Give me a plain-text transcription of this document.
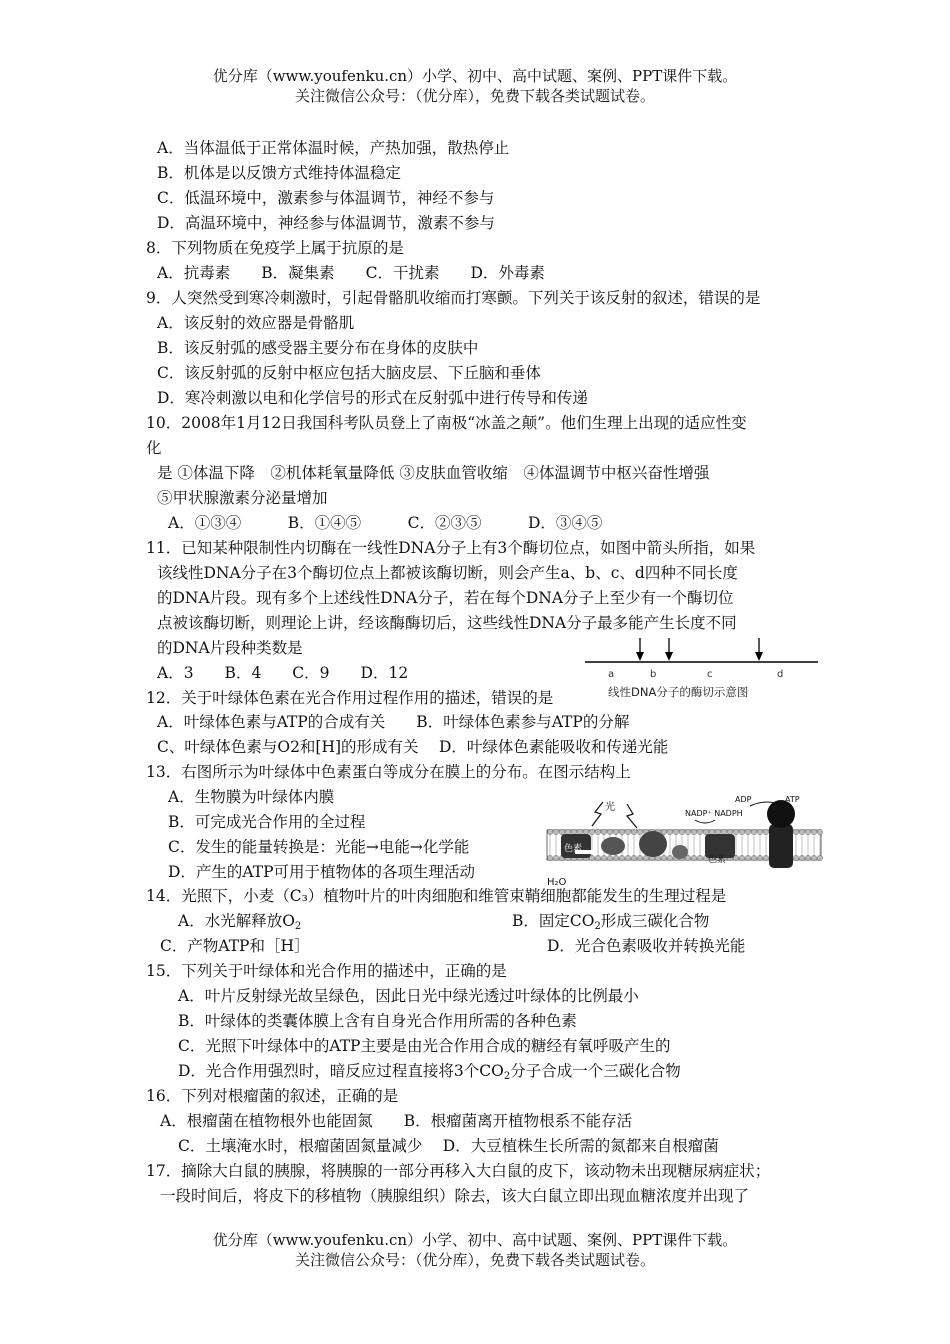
优分库（www.youfenku.cn）小学、初中、高中试题、案例、PPT课件下载。
关注微信公众号：（优分库），免费下载各类试题试卷。
A．当体温低于正常体温时候，产热加强，散热停止
B．机体是以反馈方式维持体温稳定
C．低温环境中，激素参与体温调节，神经不参与
D．高温环境中，神经参与体温调节，激素不参与
8．下列物质在免疫学上属于抗原的是
A．抗毒素　　B．凝集素　　C．干扰素　　D．外毒素
9．人突然受到寒冷刺激时，引起骨骼肌收缩而打寒颤。下列关于该反射的叙述，错误的是
A．该反射的效应器是骨骼肌
B．该反射弧的感受器主要分布在身体的皮肤中
C．该反射弧的反射中枢应包括大脑皮层、下丘脑和垂体
D．寒冷刺激以电和化学信号的形式在反射弧中进行传导和传递
10．2008年1月12日我国科考队员登上了南极“冰盖之颠”。他们生理上出现的适应性变
化
是 ①体温下降　②机体耗氧量降低 ③皮肤血管收缩　④体温调节中枢兴奋性增强
⑤甲状腺激素分泌量增加
A．①③④　　　B．①④⑤　　　C．②③⑤　　　D．③④⑤
11．已知某种限制性内切酶在一线性DNA分子上有3个酶切位点，如图中箭头所指，如果
该线性DNA分子在3个酶切位点上都被该酶切断，则会产生a、b、c、d四种不同长度
的DNA片段。现有多个上述线性DNA分子，若在每个DNA分子上至少有一个酶切位
点被该酶切断，则理论上讲，经该酶酶切后，这些线性DNA分子最多能产生长度不同
的DNA片段种类数是
A．3　　B．4　　C．9　　D．12	a	b	c	d
线性DNA分子的酶切示意图
12．关于叶绿体色素在光合作用过程作用的描述，错误的是
A．叶绿体色素与ATP的合成有关　　B．叶绿体色素参与ATP的分解
C、叶绿体色素与O2和[H]的形成有关　 D．叶绿体色素能吸收和传递光能
13．右图所示为叶绿体中色素蛋白等成分在膜上的分布。在图示结构上
A．生物膜为叶绿体内膜
B．可完成光合作用的全过程
C．发生的能量转换是：光能→电能→化学能
D．产生的ATP可用于植物体的各项生理活动
色素
色素
光
ADP	ATP
NADP⁺ NADPH
H₂O
14．光照下，小麦（C₃）植物叶片的叶肉细胞和维管束鞘细胞都能发生的生理过程是
A．水光解释放$O_2$	B．固定$CO_2$形成三碳化合物
C．产物ATP和［H］	D．光合色素吸收并转换光能
15．下列关于叶绿体和光合作用的描述中，正确的是
A．叶片反射绿光故呈绿色，因此日光中绿光透过叶绿体的比例最小
B．叶绿体的类囊体膜上含有自身光合作用所需的各种色素
C．光照下叶绿体中的ATP主要是由光合作用合成的糖经有氧呼吸产生的
D．光合作用强烈时，暗反应过程直接将3个$CO_2$分子合成一个三碳化合物
16．下列对根瘤菌的叙述，正确的是
A．根瘤菌在植物根外也能固氮　　B．根瘤菌离开植物根系不能存活
C．土壤淹水时，根瘤菌固氮量减少　 D．大豆植株生长所需的氮都来自根瘤菌
17．摘除大白鼠的胰腺，将胰腺的一部分再移入大白鼠的皮下，该动物未出现糖尿病症状；
一段时间后，将皮下的移植物（胰腺组织）除去，该大白鼠立即出现血糖浓度并出现了
优分库（www.youfenku.cn）小学、初中、高中试题、案例、PPT课件下载。
关注微信公众号：（优分库），免费下载各类试题试卷。
